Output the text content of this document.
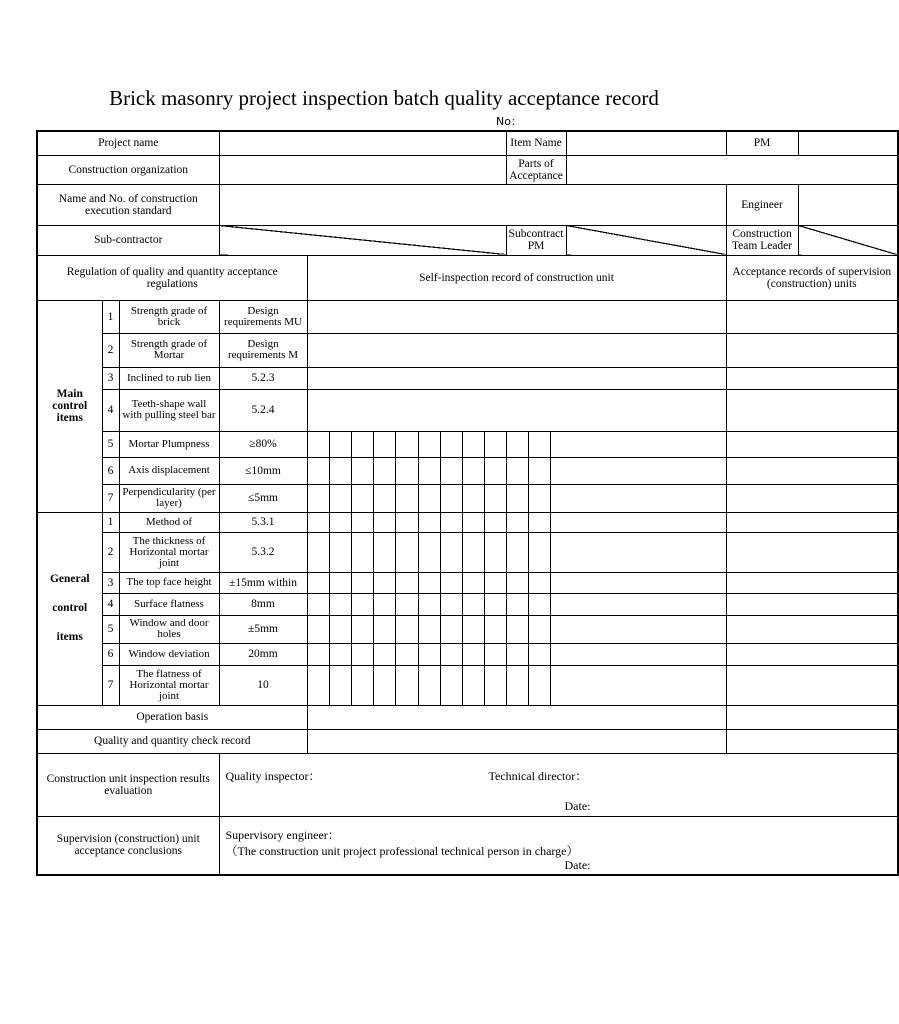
Brick masonry project inspection batch quality acceptance record
No：
Project name													Item Name				PM	
Construction organization													Parts of Acceptance					
Name and No. of construction execution standard																	Engineer	
Sub-contractor													Subcontract PM				Construction Team Leader	
Regulation of quality and quantity acceptance regulations				Self-inspection record of construction unit													Acceptance records of supervision (construction) units	

Main
control
items	1	Strength grade of brick	Design requirements MU															
	2	Strength grade of Mortar	Design requirements M															
	3	Inclined to rub lien	5.2.3															
	4	Teeth-shape wall with pulling steel bar	5.2.4															
	5	Mortar Plumpness	≥80%															
	6	Axis displacement	≤10mm															
	7	Perpendicularity (per layer)	≤5mm															

General
control
items	1	Method of	5.3.1															
	2	The thickness of Horizontal mortar joint	5.3.2															
	3	The top face height	±15mm within															
	4	Surface flatness	8mm															
	5	Window and door holes	±5mm															
	6	Window deviation	20mm															
	7	The flatness of Horizontal mortar joint	10															
Operation basis																		
Quality and quantity check record																		
Construction unit inspection results evaluation			Quality inspector： Technical director：
Date:															

Supervision (construction) unit acceptance conclusions			Supervisory engineer：
（The construction unit project professional technical person in charge）
Date:															
